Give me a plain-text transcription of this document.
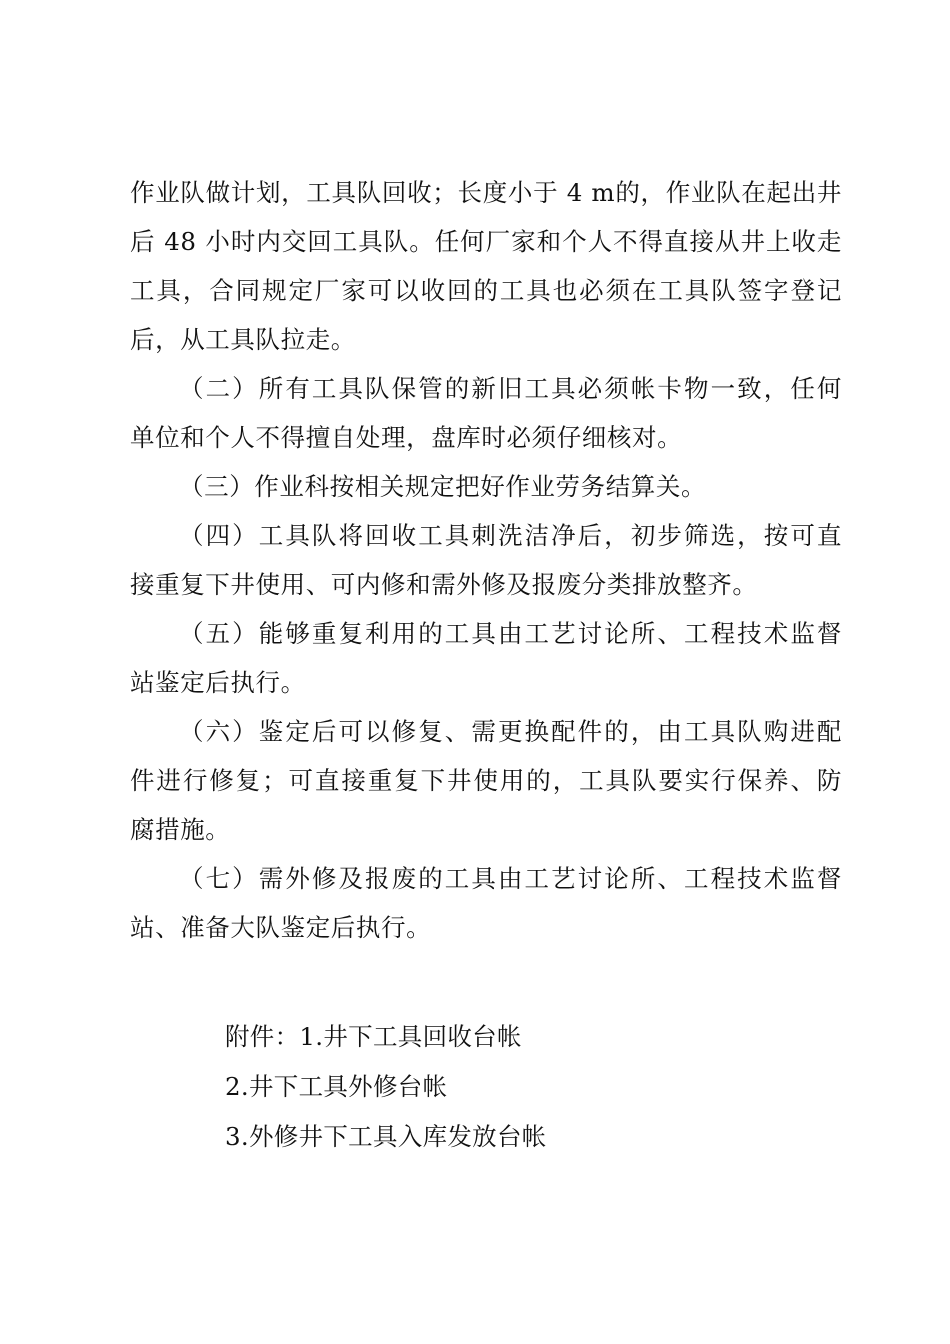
作业队做计划，工具队回收；长度小于 4 m的，作业队在起出井
后 48 小时内交回工具队。任何厂家和个人不得直接从井上收走
工具，合同规定厂家可以收回的工具也必须在工具队签字登记
后，从工具队拉走。
（二）所有工具队保管的新旧工具必须帐卡物一致，任何
单位和个人不得擅自处理，盘库时必须仔细核对。
（三）作业科按相关规定把好作业劳务结算关。
（四）工具队将回收工具刺洗洁净后，初步筛选，按可直
接重复下井使用、可内修和需外修及报废分类排放整齐。
（五）能够重复利用的工具由工艺讨论所、工程技术监督
站鉴定后执行。
（六）鉴定后可以修复、需更换配件的，由工具队购进配
件进行修复；可直接重复下井使用的，工具队要实行保养、防
腐措施。
（七）需外修及报废的工具由工艺讨论所、工程技术监督
站、准备大队鉴定后执行。
附件：1.井下工具回收台帐
2.井下工具外修台帐
3.外修井下工具入库发放台帐
